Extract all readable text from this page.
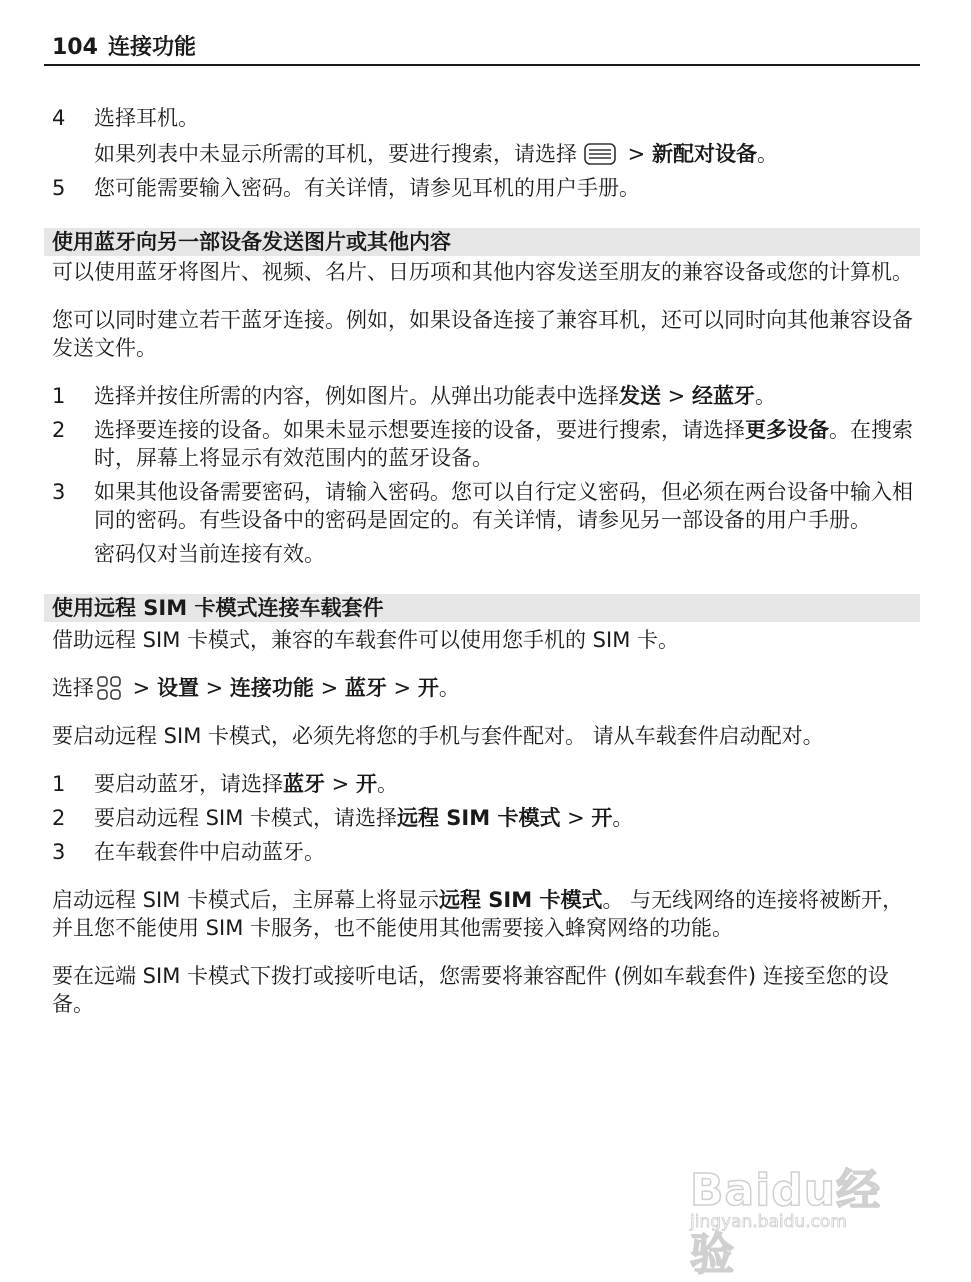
104 连接功能
4 选择耳机。
如果列表中未显示所需的耳机，要进行搜索，请选择 > 新配对设备。
5 您可能需要输入密码。有关详情，请参见耳机的用户手册。
使用蓝牙向另一部设备发送图片或其他内容

可以使用蓝牙将图片、视频、名片、日历项和其他内容发送至朋友的兼容设备或您的计算机。

您可以同时建立若干蓝牙连接。例如，如果设备连接了兼容耳机，还可以同时向其他兼容设备发送文件。

1 选择并按住所需的内容，例如图片。从弹出功能表中选择发送 > 经蓝牙。
2 选择要连接的设备。如果未显示想要连接的设备，要进行搜索，请选择更多设备。在搜索时，屏幕上将显示有效范围内的蓝牙设备。
3 如果其他设备需要密码，请输入密码。您可以自行定义密码，但必须在两台设备中输入相同的密码。有些设备中的密码是固定的。有关详情，请参见另一部设备的用户手册。
密码仅对当前连接有效。
使用远程 SIM 卡模式连接车载套件

借助远程 SIM 卡模式，兼容的车载套件可以使用您手机的 SIM 卡。

选择 > 设置 > 连接功能 > 蓝牙 > 开。

要启动远程 SIM 卡模式，必须先将您的手机与套件配对。 请从车载套件启动配对。

1 要启动蓝牙，请选择蓝牙 > 开。
2 要启动远程 SIM 卡模式，请选择远程 SIM 卡模式 > 开。
3 在车载套件中启动蓝牙。

启动远程 SIM 卡模式后，主屏幕上将显示远程 SIM 卡模式。 与无线网络的连接将被断开，并且您不能使用 SIM 卡服务，也不能使用其他需要接入蜂窝网络的功能。

要在远端 SIM 卡模式下拨打或接听电话，您需要将兼容配件 (例如车载套件) 连接至您的设备。

Baidu经验
jingyan.baidu.com
